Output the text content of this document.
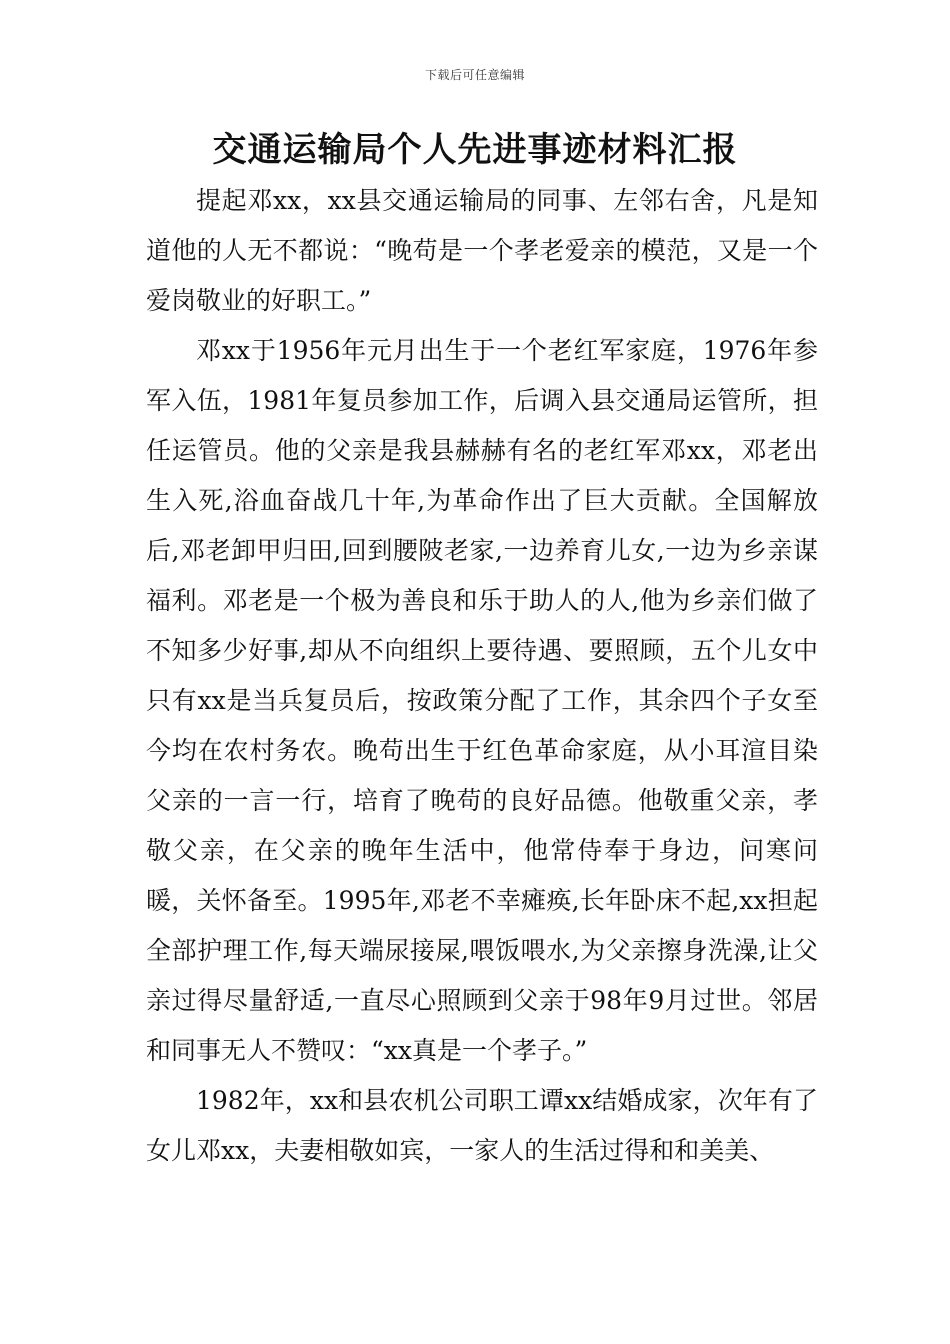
下载后可任意编辑
交通运输局个人先进事迹材料汇报

提起邓xx，xx县交通运输局的同事、左邻右舍，凡是知道他的人无不都说：“晚苟是一个孝老爱亲的模范，又是一个爱岗敬业的好职工。”

邓xx于1956年元月出生于一个老红军家庭，1976年参军入伍，1981年复员参加工作，后调入县交通局运管所，担任运管员。他的父亲是我县赫赫有名的老红军邓xx，邓老出生入死,浴血奋战几十年,为革命作出了巨大贡献。全国解放后,邓老卸甲归田,回到腰陂老家,一边养育儿女,一边为乡亲谋福利。邓老是一个极为善良和乐于助人的人,他为乡亲们做了不知多少好事,却从不向组织上要待遇、要照顾，五个儿女中只有xx是当兵复员后，按政策分配了工作，其余四个子女至今均在农村务农。晚苟出生于红色革命家庭，从小耳渲目染父亲的一言一行，培育了晚苟的良好品德。他敬重父亲，孝敬父亲，在父亲的晚年生活中，他常侍奉于身边，问寒问暖，关怀备至。1995年,邓老不幸瘫痪,长年卧床不起,xx担起全部护理工作,每天端尿接屎,喂饭喂水,为父亲擦身洗澡,让父亲过得尽量舒适,一直尽心照顾到父亲于98年9月过世。邻居和同事无人不赞叹：“xx真是一个孝子。”

1982年，xx和县农机公司职工谭xx结婚成家，次年有了女儿邓xx，夫妻相敬如宾，一家人的生活过得和和美美、
